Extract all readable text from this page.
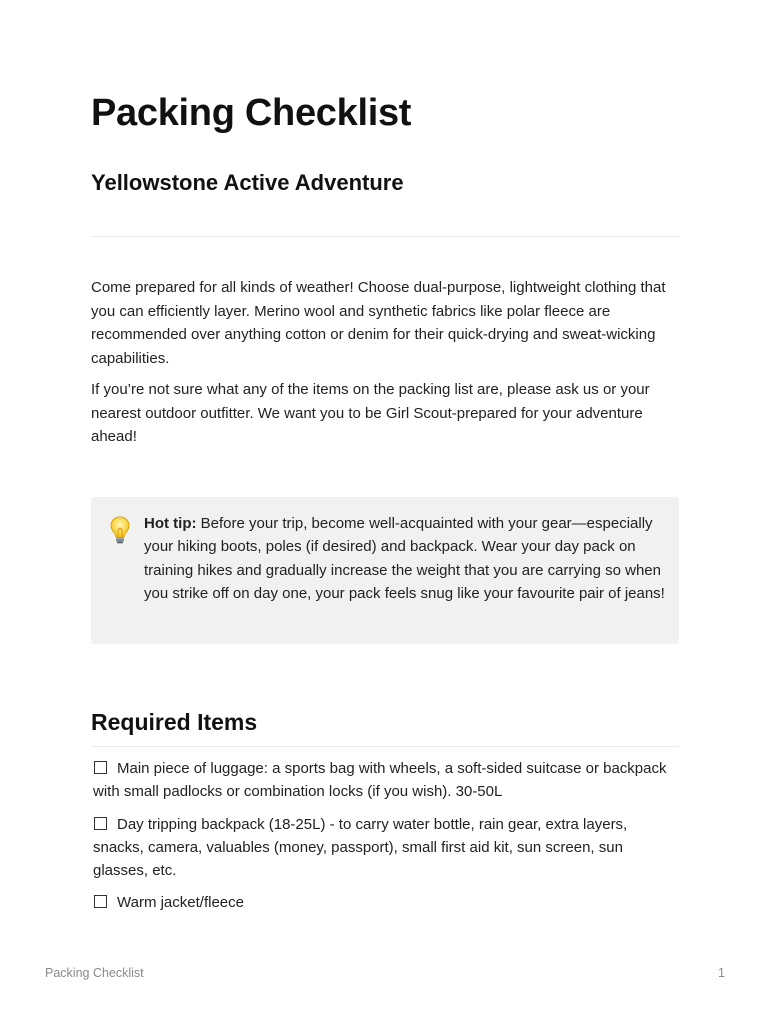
Packing Checklist
Yellowstone Active Adventure

Come prepared for all kinds of weather! Choose dual-purpose, lightweight clothing that you can efficiently layer. Merino wool and synthetic fabrics like polar fleece are recommended over anything cotton or denim for their quick-drying and sweat-wicking capabilities.

If you’re not sure what any of the items on the packing list are, please ask us or your nearest outdoor outfitter. We want you to be Girl Scout-prepared for your adventure ahead!

Hot tip: Before your trip, become well-acquainted with your gear—especially your hiking boots, poles (if desired) and backpack. Wear your day pack on training hikes and gradually increase the weight that you are carrying so when you strike off on day one, your pack feels snug like your favourite pair of jeans!
Required Items
Main piece of luggage: a sports bag with wheels, a soft-sided suitcase or backpack with small padlocks or combination locks (if you wish). 30-50L
Day tripping backpack (18-25L) - to carry water bottle, rain gear, extra layers, snacks, camera, valuables (money, passport), small first aid kit, sun screen, sun glasses, etc.
Warm jacket/fleece
Packing Checklist	1
